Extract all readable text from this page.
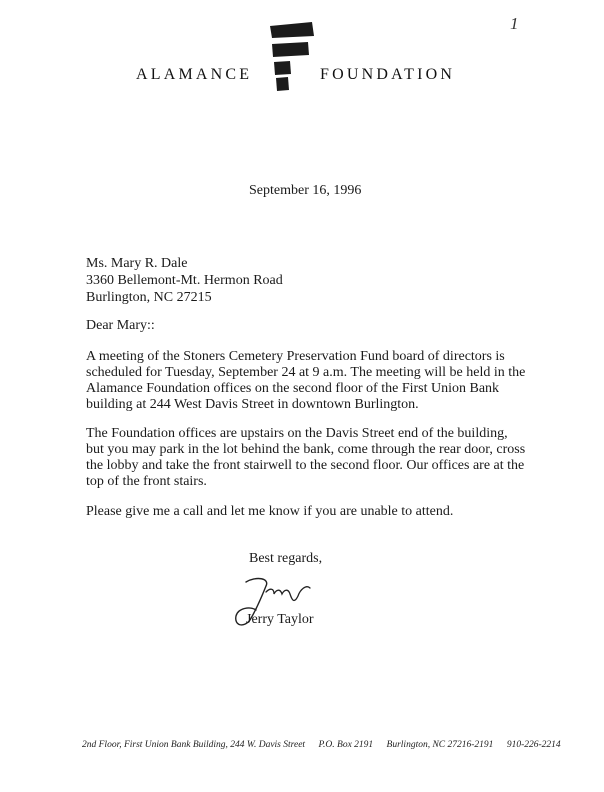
1
ALAMANCE	FOUNDATION
September 16, 1996
Ms. Mary R. Dale
3360 Bellemont-Mt. Hermon Road
Burlington, NC 27215
Dear Mary::
A meeting of the Stoners Cemetery Preservation Fund board of directors is scheduled for Tuesday, September 24 at 9 a.m. The meeting will be held in the Alamance Foundation offices on the second floor of the First Union Bank building at 244 West Davis Street in downtown Burlington.
The Foundation offices are upstairs on the Davis Street end of the building, but you may park in the lot behind the bank, come through the rear door, cross the lobby and take the front stairwell to the second floor. Our offices are at the top of the front stairs.
Please give me a call and let me know if you are unable to attend.
Best regards,
Jerry Taylor
2nd Floor, First Union Bank Building, 244 W. Davis Street P.O. Box 2191 Burlington, NC 27216-2191 910-226-2214
